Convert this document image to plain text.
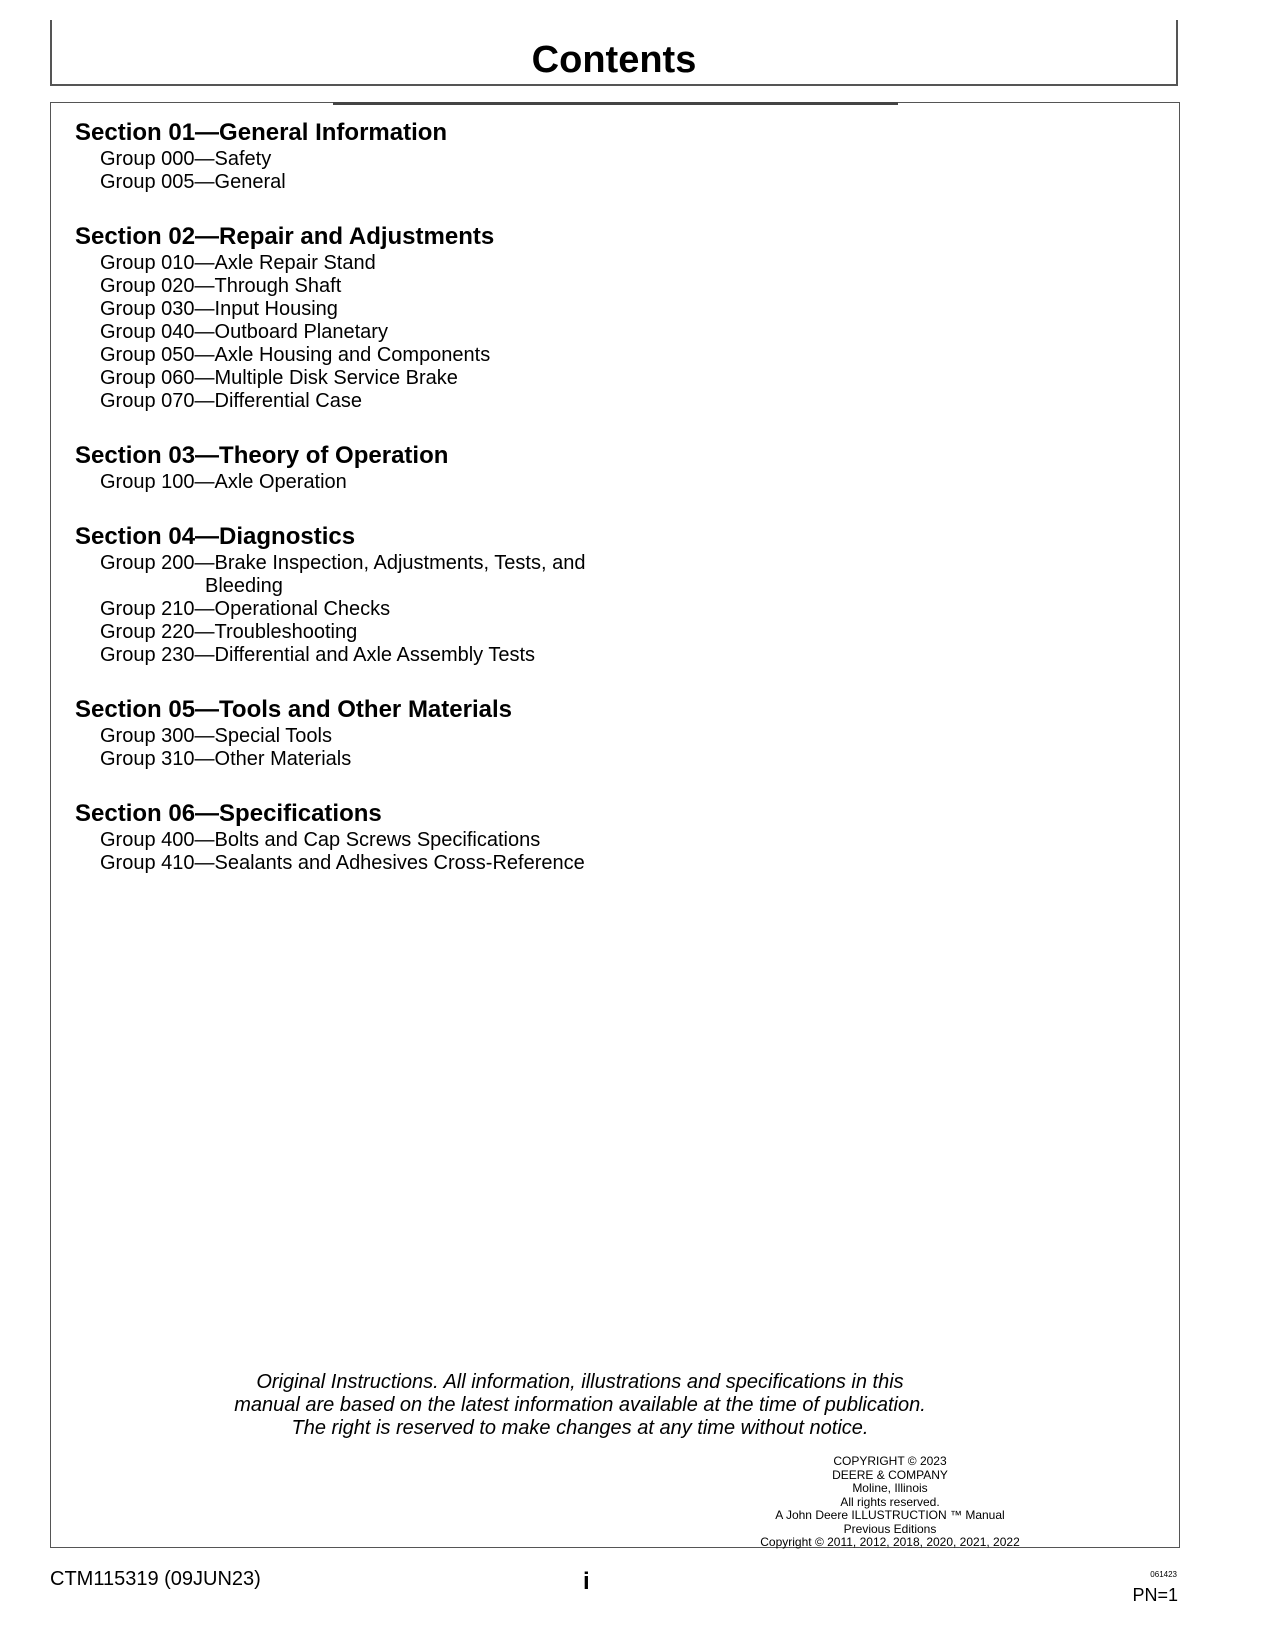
Contents
Section 01—General Information
Group 000—Safety
Group 005—General
Section 02—Repair and Adjustments
Group 010—Axle Repair Stand
Group 020—Through Shaft
Group 030—Input Housing
Group 040—Outboard Planetary
Group 050—Axle Housing and Components
Group 060—Multiple Disk Service Brake
Group 070—Differential Case
Section 03—Theory of Operation
Group 100—Axle Operation
Section 04—Diagnostics
Group 200—Brake Inspection, Adjustments, Tests, and
Bleeding
Group 210—Operational Checks
Group 220—Troubleshooting
Group 230—Differential and Axle Assembly Tests
Section 05—Tools and Other Materials
Group 300—Special Tools
Group 310—Other Materials
Section 06—Specifications
Group 400—Bolts and Cap Screws Specifications
Group 410—Sealants and Adhesives Cross-Reference
Original Instructions. All information, illustrations and specifications in this
manual are based on the latest information available at the time of publication.
The right is reserved to make changes at any time without notice.
COPYRIGHT © 2023
DEERE & COMPANY
Moline, Illinois
All rights reserved.
A John Deere ILLUSTRUCTION ™ Manual
Previous Editions
Copyright © 2011, 2012, 2018, 2020, 2021, 2022
CTM115319 (09JUN23)	i	061423
PN=1
